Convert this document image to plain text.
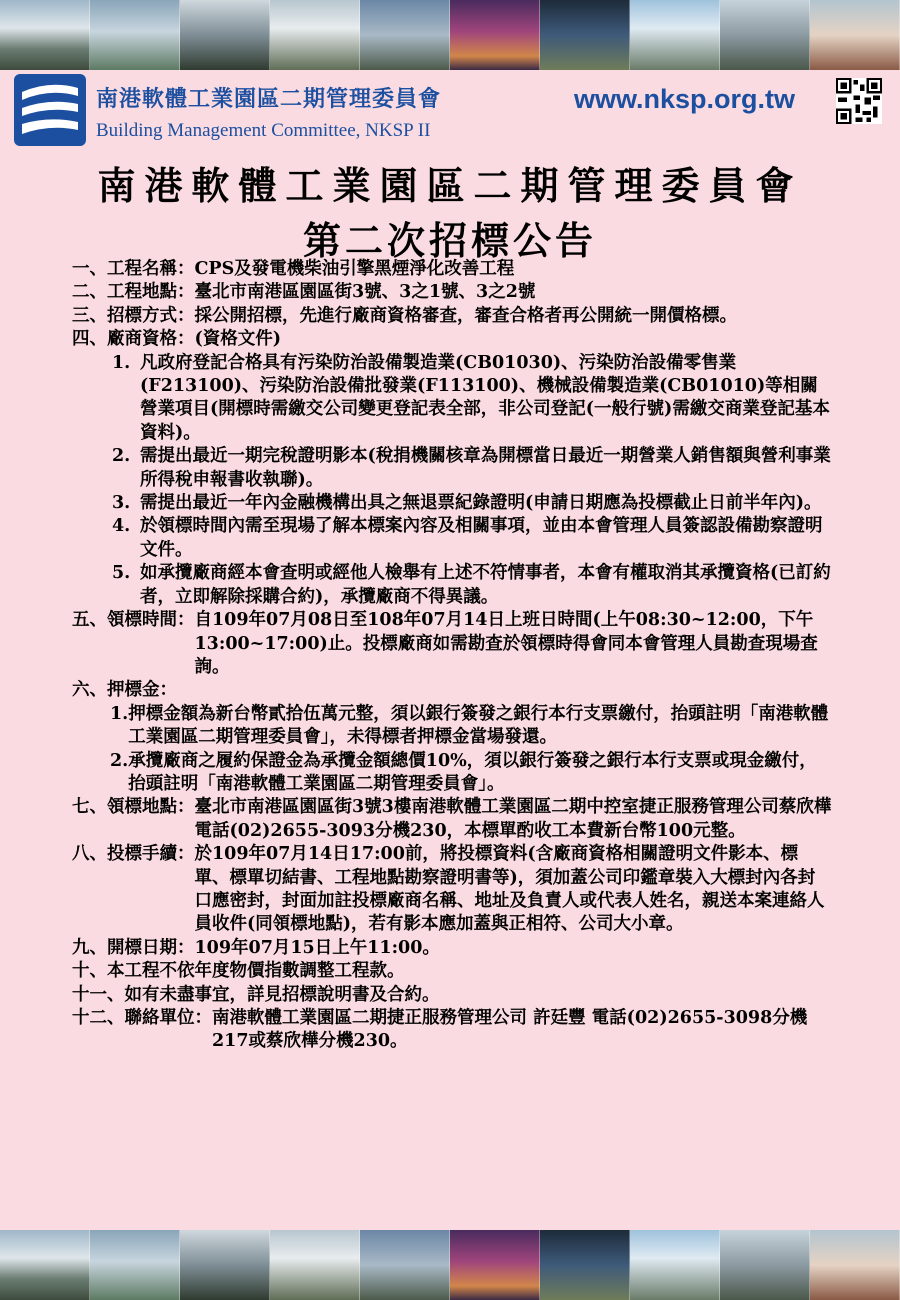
南港軟體工業園區二期管理委員會
Building Management Committee, NKSP II
www.nksp.org.tw
南港軟體工業園區二期管理委員會
第二次招標公告
一、工程名稱： CPS及發電機柴油引擎黑煙淨化改善工程
二、工程地點： 臺北市南港區園區街3號、3之1號、3之2號
三、招標方式： 採公開招標，先進行廠商資格審查，審查合格者再公開統一開價格標。
四、廠商資格：(資格文件)
1. 凡政府登記合格具有污染防治設備製造業(CB01030)、污染防治設備零售業(F213100)、污染防治設備批發業(F113100)、機械設備製造業(CB01010)等相關營業項目(開標時需繳交公司變更登記表全部，非公司登記(一般行號)需繳交商業登記基本資料)。
2. 需提出最近一期完稅證明影本(稅捐機關核章為開標當日最近一期營業人銷售額與營利事業所得稅申報書收執聯)。
3. 需提出最近一年內金融機構出具之無退票紀錄證明(申請日期應為投標截止日前半年內)。
4. 於領標時間內需至現場了解本標案內容及相關事項，並由本會管理人員簽認設備勘察證明文件。
5. 如承攬廠商經本會查明或經他人檢舉有上述不符情事者，本會有權取消其承攬資格(已訂約者，立即解除採購合約)，承攬廠商不得異議。
五、領標時間： 自109年07月08日至108年07月14日上班日時間(上午08:30~12:00，下午13:00~17:00)止。投標廠商如需勘查於領標時得會同本會管理人員勘查現場查詢。
六、押標金：
1. 押標金額為新台幣貳拾伍萬元整，須以銀行簽發之銀行本行支票繳付，抬頭註明「南港軟體工業園區二期管理委員會」，未得標者押標金當場發還。
2. 承攬廠商之履約保證金為承攬金額總價10%，須以銀行簽發之銀行本行支票或現金繳付，抬頭註明「南港軟體工業園區二期管理委員會」。
七、領標地點： 臺北市南港區園區街3號3樓南港軟體工業園區二期中控室捷正服務管理公司蔡欣樺電話(02)2655-3093分機230，本標單酌收工本費新台幣100元整。
八、投標手續： 於109年07月14日17:00前，將投標資料(含廠商資格相關證明文件影本、標單、標單切結書、工程地點勘察證明書等)，須加蓋公司印鑑章裝入大標封內各封口應密封，封面加註投標廠商名稱、地址及負責人或代表人姓名，親送本案連絡人員收件(同領標地點)，若有影本應加蓋與正相符、公司大小章。
九、開標日期： 109年07月15日上午11:00。
十、本工程不依年度物價指數調整工程款。
十一、如有未盡事宜，詳見招標說明書及合約。
十二、聯絡單位： 南港軟體工業園區二期捷正服務管理公司 許廷豐 電話(02)2655-3098分機217或蔡欣樺分機230。
